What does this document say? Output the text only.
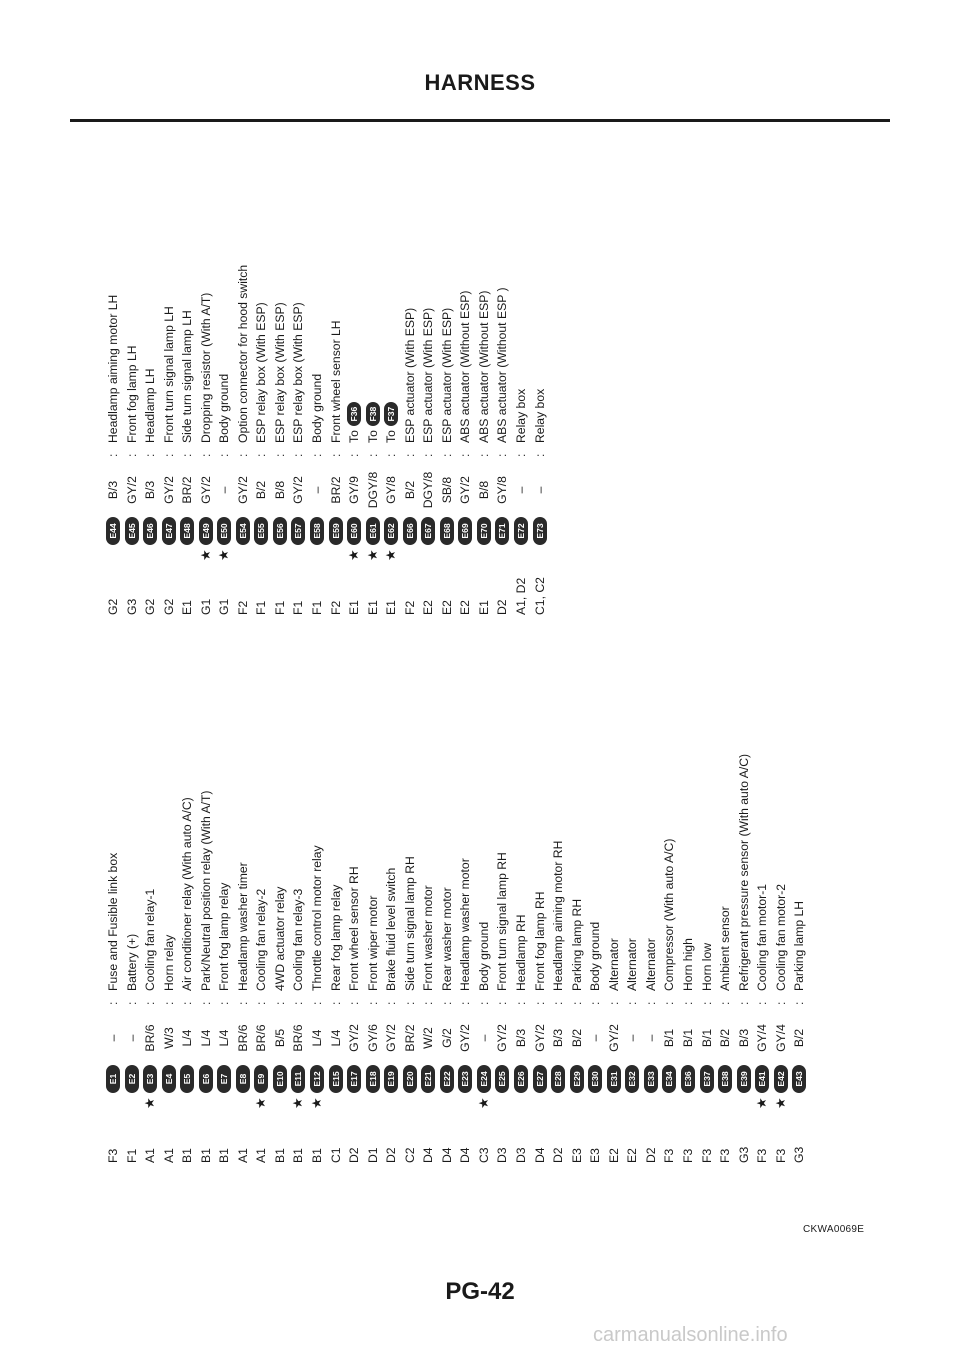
HARNESS
F3
E1
–
:
Fuse and Fusible link box
F1
E2
–
:
Battery (+)
A1
★
E3
BR/6
:
Cooling fan relay-1
A1
E4
W/3
:
Horn relay
B1
E5
L/4
:
Air conditioner relay (With auto A/C)
B1
E6
L/4
:
Park/Neutral position relay (With A/T)
B1
E7
L/4
:
Front fog lamp relay
A1
E8
BR/6
:
Headlamp washer timer
A1
★
E9
BR/6
:
Cooling fan relay-2
B1
E10
B/5
:
4WD actuator relay
B1
★
E11
BR/6
:
Cooling fan relay-3
B1
★
E12
L/4
:
Throttle control motor relay
C1
E15
L/4
:
Rear fog lamp relay
D2
E17
GY/2
:
Front wheel sensor RH
D1
E18
GY/6
:
Front wiper motor
D2
E19
GY/2
:
Brake fluid level switch
C2
E20
BR/2
:
Side turn signal lamp RH
D4
E21
W/2
:
Front washer motor
D4
E22
G/2
:
Rear washer motor
D4
E23
GY/2
:
Headlamp washer motor
C3
★
E24
–
:
Body ground
D3
E25
GY/2
:
Front turn signal lamp RH
D3
E26
B/3
:
Headlamp RH
D4
E27
GY/2
:
Front fog lamp RH
D2
E28
B/3
:
Headlamp aiming motor RH
E3
E29
B/2
:
Parking lamp RH
E3
E30
–
:
Body ground
E2
E31
GY/2
:
Alternator
E2
E32
–
:
Alternator
D2
E33
–
:
Alternator
F3
E34
B/1
:
Compressor (With auto A/C)
F3
E36
B/1
:
Horn high
F3
E37
B/1
:
Horn low
F3
E38
B/2
:
Ambient sensor
G3
E39
B/3
:
Refrigerant pressure sensor (With auto A/C)
F3
★
E41
GY/4
:
Cooling fan motor-1
F3
★
E42
GY/4
:
Cooling fan motor-2
G3
E43
B/2
:
Parking lamp LH
G2
E44
B/3
:
Headlamp aiming motor LH
G3
E45
GY/2
:
Front fog lamp LH
G2
E46
B/3
:
Headlamp LH
G2
E47
GY/2
:
Front turn signal lamp LH
E1
E48
BR/2
:
Side turn signal lamp LH
G1
★
E49
GY/2
:
Dropping resistor (With A/T)
G1
★
E50
–
:
Body ground
F2
E54
GY/2
:
Option connector for hood switch
F1
E55
B/2
:
ESP relay box (With ESP)
F1
E56
B/8
:
ESP relay box (With ESP)
F1
E57
GY/2
:
ESP relay box (With ESP)
F1
E58
–
:
Body ground
F2
E59
BR/2
:
Front wheel sensor LH
E1
★
E60
GY/9
:
ToF36
E1
★
E61
DGY/8
:
ToF38
E1
★
E62
GY/8
:
ToF37
F2
E66
B/2
:
ESP actuator (With ESP)
E2
E67
DGY/8
:
ESP actuator (With ESP)
E2
E68
SB/8
:
ESP actuator (With ESP)
E2
E69
GY/2
:
ABS actuator (Without ESP)
E1
E70
B/8
:
ABS actuator (Without ESP)
D2
E71
GY/8
:
ABS actuator (Without ESP )
A1, D2
E72
–
:
Relay box
C1, C2
E73
–
:
Relay box
CKWA0069E
PG-42
carmanualsonline.info
